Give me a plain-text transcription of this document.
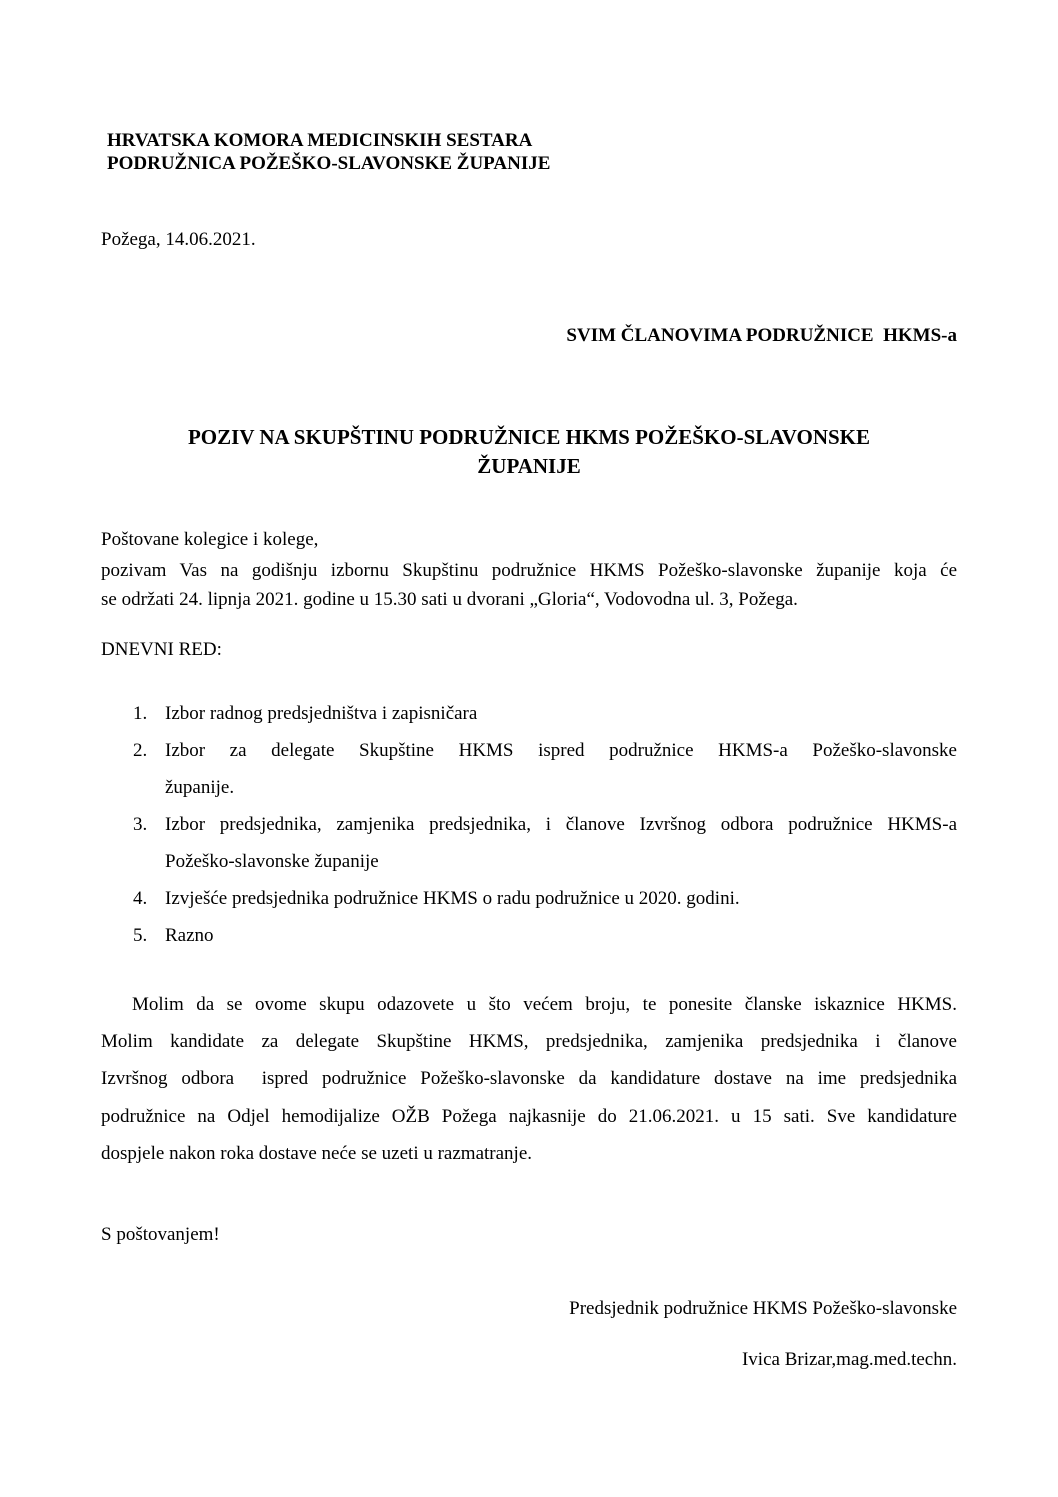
HRVATSKA KOMORA MEDICINSKIH SESTARA
PODRUŽNICA POŽEŠKO-SLAVONSKE ŽUPANIJE
Požega, 14.06.2021.
SVIM ČLANOVIMA PODRUŽNICE  HKMS-a
POZIV NA SKUPŠTINU PODRUŽNICE HKMS POŽEŠKO-SLAVONSKE
ŽUPANIJE
Poštovane kolegice i kolege,
pozivam Vas na godišnju izbornu Skupštinu podružnice HKMS Požeško-slavonske županije koja će
se održati 24. lipnja 2021. godine u 15.30 sati u dvorani „Gloria“, Vodovodna ul. 3, Požega.
DNEVNI RED:
1. Izbor radnog predsjedništva i zapisničara
2. Izbor za delegate Skupštine HKMS ispred podružnice HKMS-a Požeško-slavonske
županije.
3. Izbor predsjednika, zamjenika predsjednika, i članove Izvršnog odbora podružnice HKMS-a
Požeško-slavonske županije
4. Izvješće predsjednika podružnice HKMS o radu podružnice u 2020. godini.
5. Razno
Molim da se ovome skupu odazovete u što većem broju, te ponesite članske iskaznice HKMS.
Molim kandidate za delegate Skupštine HKMS, predsjednika, zamjenika predsjednika i članove
Izvršnog odbora  ispred podružnice Požeško-slavonske da kandidature dostave na ime predsjednika
podružnice na Odjel hemodijalize OŽB Požega najkasnije do 21.06.2021. u 15 sati. Sve kandidature
dospjele nakon roka dostave neće se uzeti u razmatranje.
S poštovanjem!
Predsjednik podružnice HKMS Požeško-slavonske
Ivica Brizar,mag.med.techn.
